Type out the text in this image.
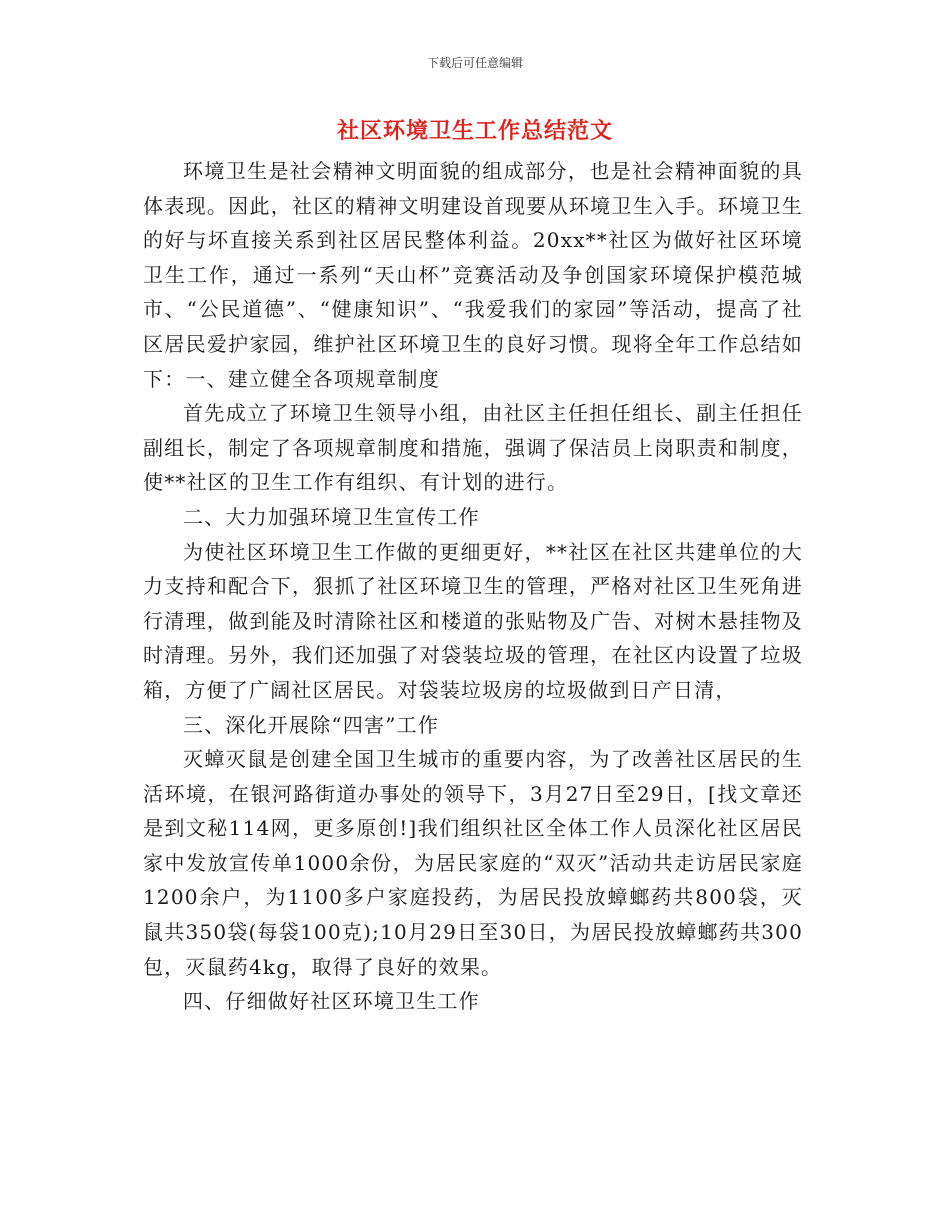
下载后可任意编辑
社区环境卫生工作总结范文

环境卫生是社会精神文明面貌的组成部分，也是社会精神面貌的具体表现。因此，社区的精神文明建设首现要从环境卫生入手。环境卫生的好与坏直接关系到社区居民整体利益。20xx**社区为做好社区环境卫生工作，通过一系列“天山杯”竞赛活动及争创国家环境保护模范城市、“公民道德”、“健康知识”、“我爱我们的家园”等活动，提高了社区居民爱护家园，维护社区环境卫生的良好习惯。现将全年工作总结如下：一、建立健全各项规章制度

首先成立了环境卫生领导小组，由社区主任担任组长、副主任担任副组长，制定了各项规章制度和措施，强调了保洁员上岗职责和制度，使**社区的卫生工作有组织、有计划的进行。

二、大力加强环境卫生宣传工作

为使社区环境卫生工作做的更细更好，**社区在社区共建单位的大力支持和配合下，狠抓了社区环境卫生的管理，严格对社区卫生死角进行清理，做到能及时清除社区和楼道的张贴物及广告、对树木悬挂物及时清理。另外，我们还加强了对袋装垃圾的管理，在社区内设置了垃圾箱，方便了广阔社区居民。对袋装垃圾房的垃圾做到日产日清，

三、深化开展除“四害”工作

灭蟑灭鼠是创建全国卫生城市的重要内容，为了改善社区居民的生活环境，在银河路街道办事处的领导下，3月27日至29日，[找文章还是到文秘114网，更多原创!]我们组织社区全体工作人员深化社区居民家中发放宣传单1000余份，为居民家庭的“双灭”活动共走访居民家庭1200余户，为1100多户家庭投药，为居民投放蟑螂药共800袋，灭鼠共350袋(每袋100克);10月29日至30日，为居民投放蟑螂药共300包，灭鼠药4kg，取得了良好的效果。

四、仔细做好社区环境卫生工作
